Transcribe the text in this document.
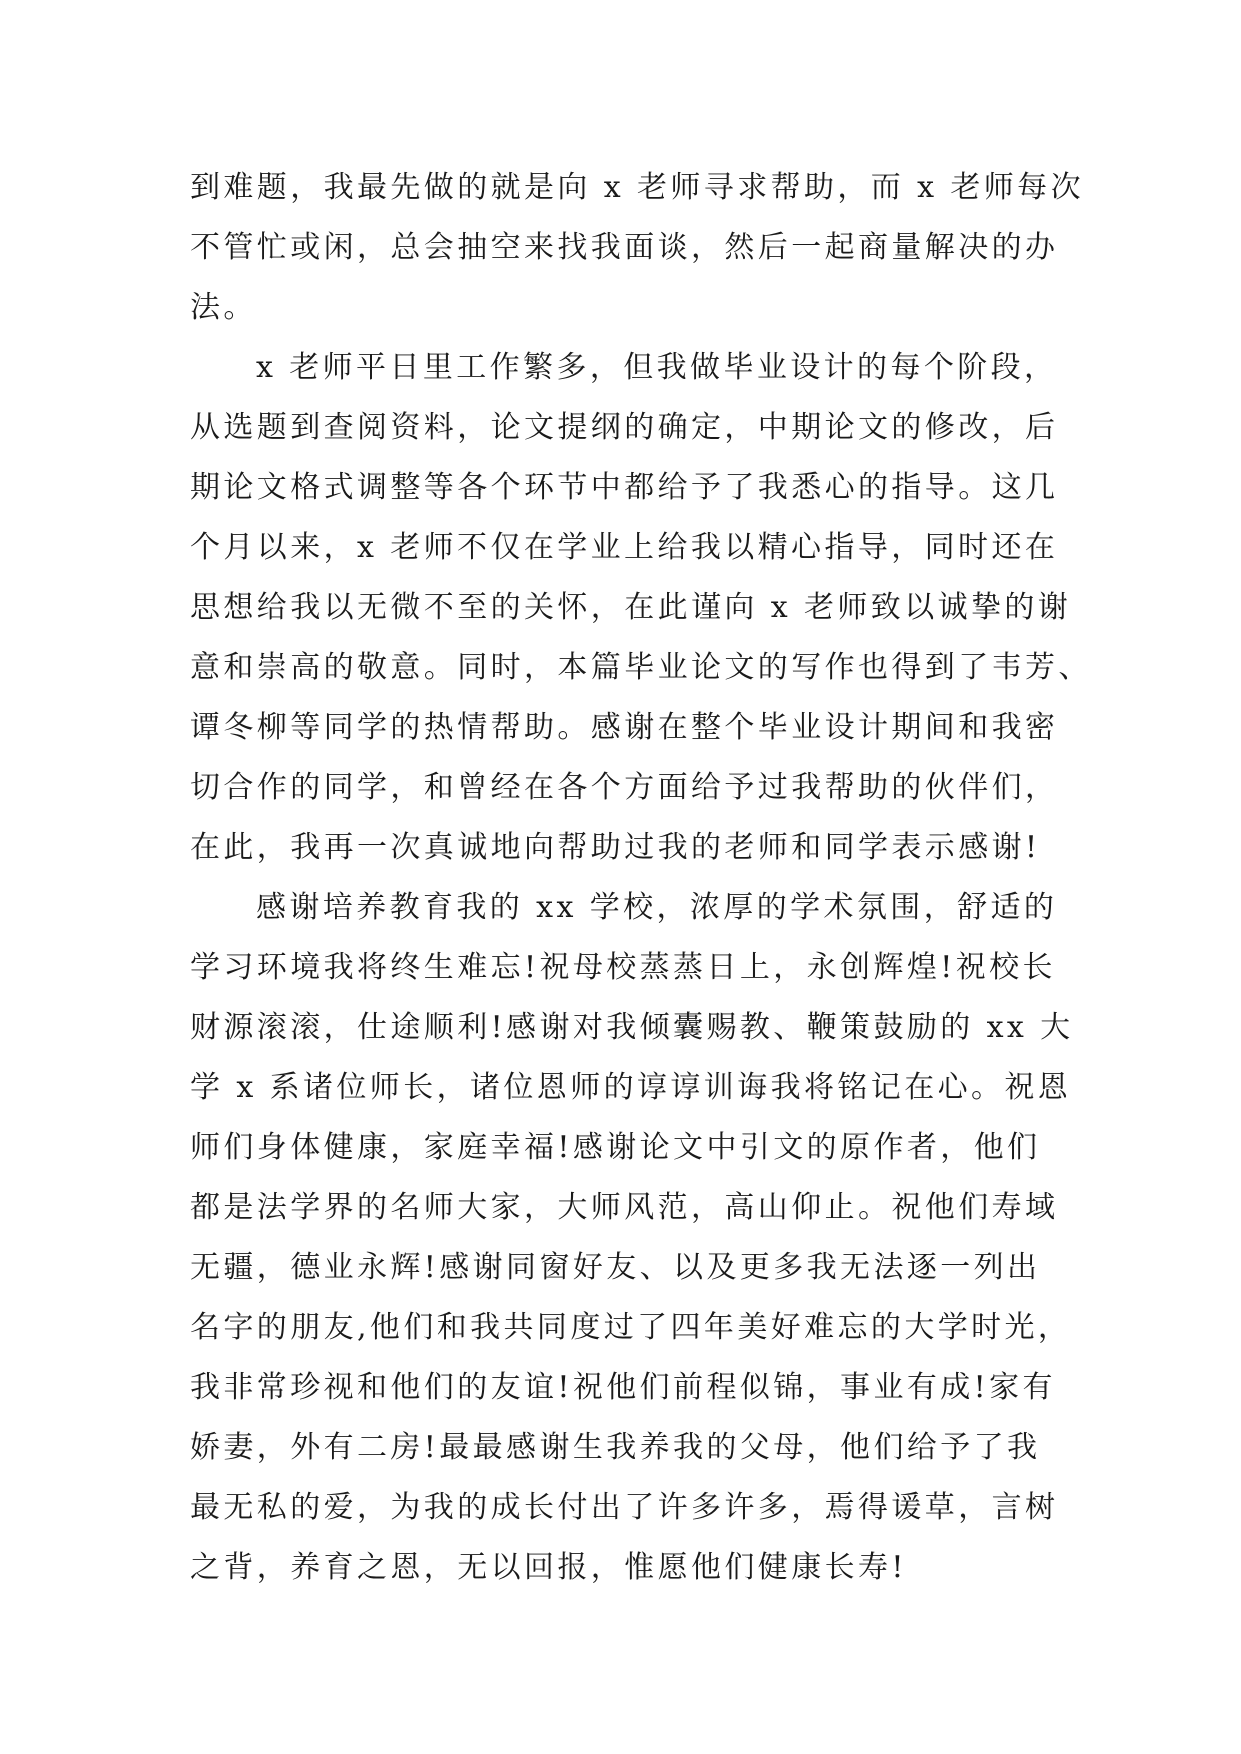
到难题，我最先做的就是向 x 老师寻求帮助，而 x 老师每次
不管忙或闲，总会抽空来找我面谈，然后一起商量解决的办
法。
x 老师平日里工作繁多，但我做毕业设计的每个阶段，
从选题到查阅资料，论文提纲的确定，中期论文的修改，后
期论文格式调整等各个环节中都给予了我悉心的指导。这几
个月以来，x 老师不仅在学业上给我以精心指导，同时还在
思想给我以无微不至的关怀，在此谨向 x 老师致以诚挚的谢
意和崇高的敬意。同时，本篇毕业论文的写作也得到了韦芳、
谭冬柳等同学的热情帮助。感谢在整个毕业设计期间和我密
切合作的同学，和曾经在各个方面给予过我帮助的伙伴们，
在此，我再一次真诚地向帮助过我的老师和同学表示感谢!
感谢培养教育我的 xx 学校，浓厚的学术氛围，舒适的
学习环境我将终生难忘!祝母校蒸蒸日上，永创辉煌!祝校长
财源滚滚，仕途顺利!感谢对我倾囊赐教、鞭策鼓励的 xx 大
学 x 系诸位师长，诸位恩师的谆谆训诲我将铭记在心。祝恩
师们身体健康，家庭幸福!感谢论文中引文的原作者，他们
都是法学界的名师大家，大师风范，高山仰止。祝他们寿域
无疆，德业永辉!感谢同窗好友、以及更多我无法逐一列出
名字的朋友,他们和我共同度过了四年美好难忘的大学时光，
我非常珍视和他们的友谊!祝他们前程似锦，事业有成!家有
娇妻，外有二房!最最感谢生我养我的父母，他们给予了我
最无私的爱，为我的成长付出了许多许多，焉得谖草，言树
之背，养育之恩，无以回报，惟愿他们健康长寿!
